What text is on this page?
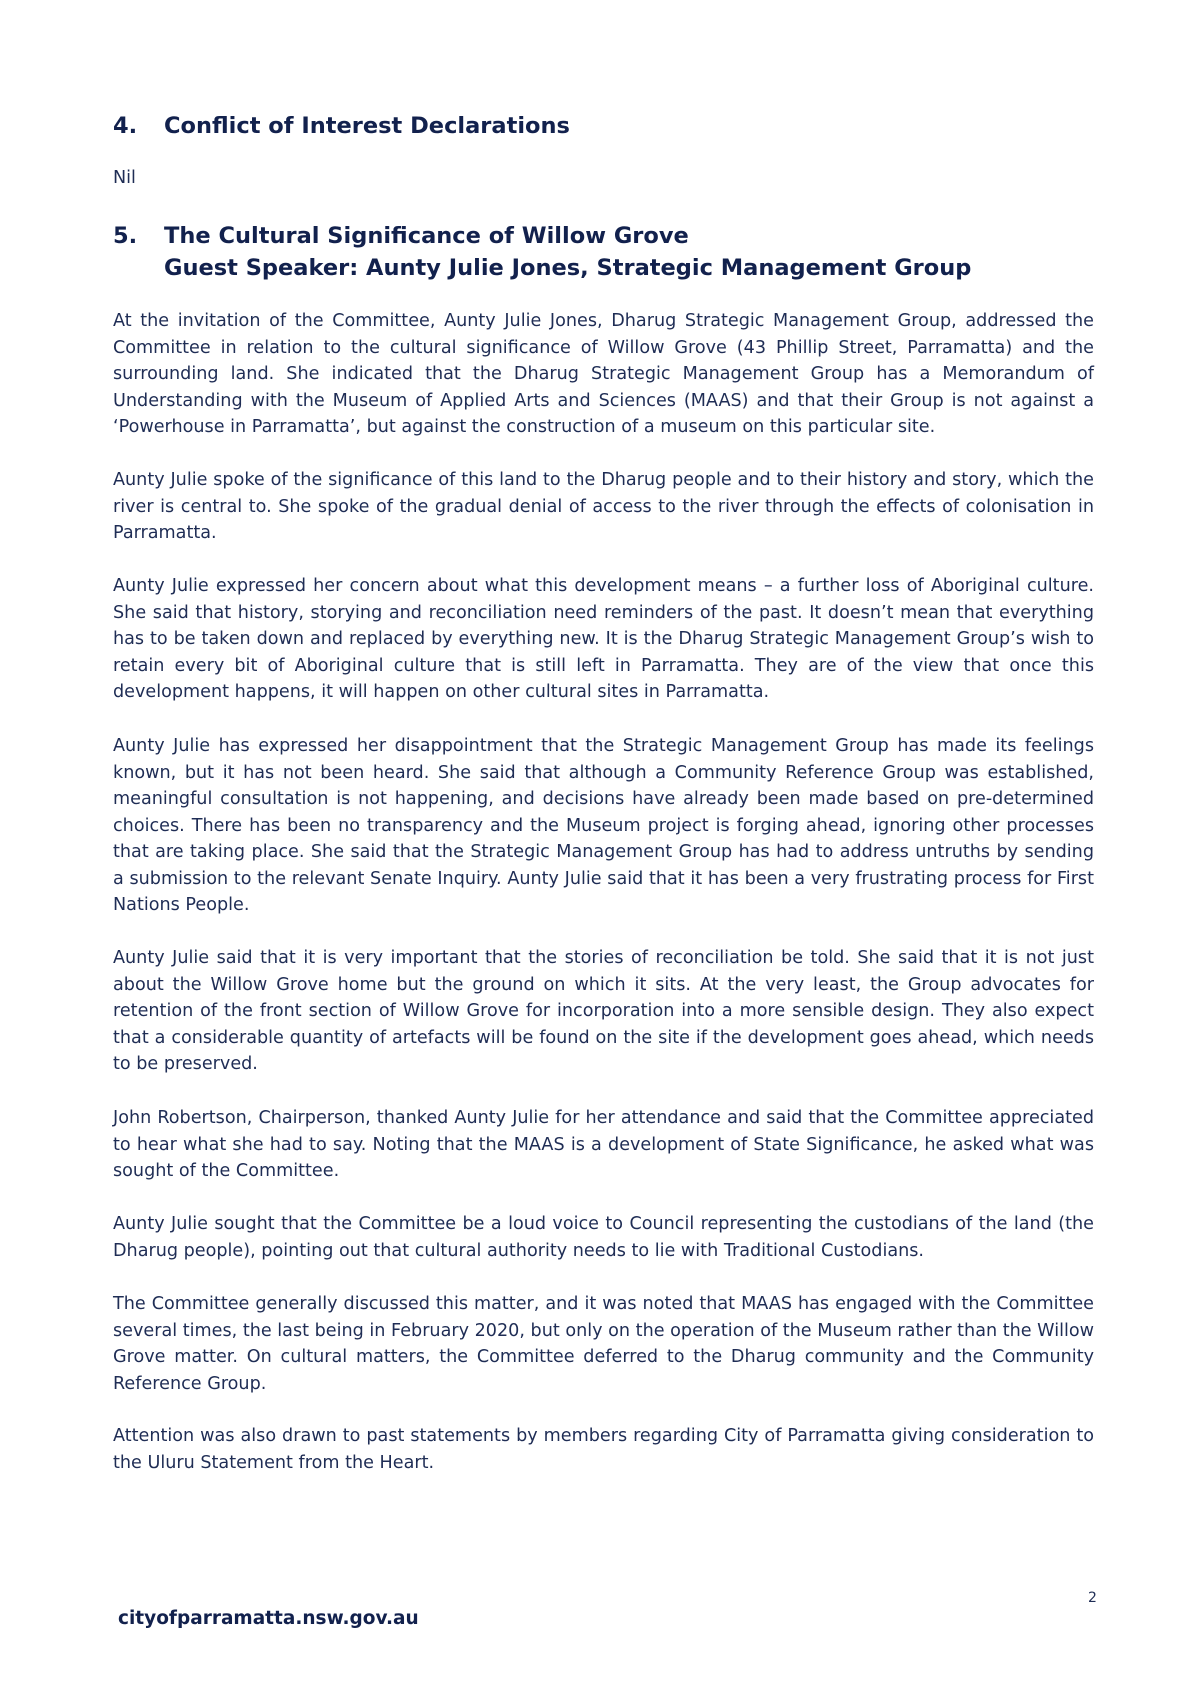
4. Conflict of Interest Declarations

Nil

5. The Cultural Significance of Willow Grove
Guest Speaker: Aunty Julie Jones, Strategic Management Group

At the invitation of the Committee, Aunty Julie Jones, Dharug Strategic Management Group, addressed the Committee in relation to the cultural significance of Willow Grove (43 Phillip Street, Parramatta) and the surrounding land. She indicated that the Dharug Strategic Management Group has a Memorandum of Understanding with the Museum of Applied Arts and Sciences (MAAS) and that their Group is not against a ‘Powerhouse in Parramatta’, but against the construction of a museum on this particular site.

Aunty Julie spoke of the significance of this land to the Dharug people and to their history and story, which the river is central to. She spoke of the gradual denial of access to the river through the effects of colonisation in Parramatta.

Aunty Julie expressed her concern about what this development means – a further loss of Aboriginal culture. She said that history, storying and reconciliation need reminders of the past. It doesn’t mean that everything has to be taken down and replaced by everything new. It is the Dharug Strategic Management Group’s wish to retain every bit of Aboriginal culture that is still left in Parramatta. They are of the view that once this development happens, it will happen on other cultural sites in Parramatta.

Aunty Julie has expressed her disappointment that the Strategic Management Group has made its feelings known, but it has not been heard. She said that although a Community Reference Group was established, meaningful consultation is not happening, and decisions have already been made based on pre-determined choices. There has been no transparency and the Museum project is forging ahead, ignoring other processes that are taking place. She said that the Strategic Management Group has had to address untruths by sending a submission to the relevant Senate Inquiry. Aunty Julie said that it has been a very frustrating process for First Nations People.

Aunty Julie said that it is very important that the stories of reconciliation be told. She said that it is not just about the Willow Grove home but the ground on which it sits. At the very least, the Group advocates for retention of the front section of Willow Grove for incorporation into a more sensible design. They also expect that a considerable quantity of artefacts will be found on the site if the development goes ahead, which needs to be preserved.

John Robertson, Chairperson, thanked Aunty Julie for her attendance and said that the Committee appreciated to hear what she had to say. Noting that the MAAS is a development of State Significance, he asked what was sought of the Committee.

Aunty Julie sought that the Committee be a loud voice to Council representing the custodians of the land (the Dharug people), pointing out that cultural authority needs to lie with Traditional Custodians.

The Committee generally discussed this matter, and it was noted that MAAS has engaged with the Committee several times, the last being in February 2020, but only on the operation of the Museum rather than the Willow Grove matter. On cultural matters, the Committee deferred to the Dharug community and the Community Reference Group.

Attention was also drawn to past statements by members regarding City of Parramatta giving consideration to the Uluru Statement from the Heart.

2
cityofparramatta.nsw.gov.au
